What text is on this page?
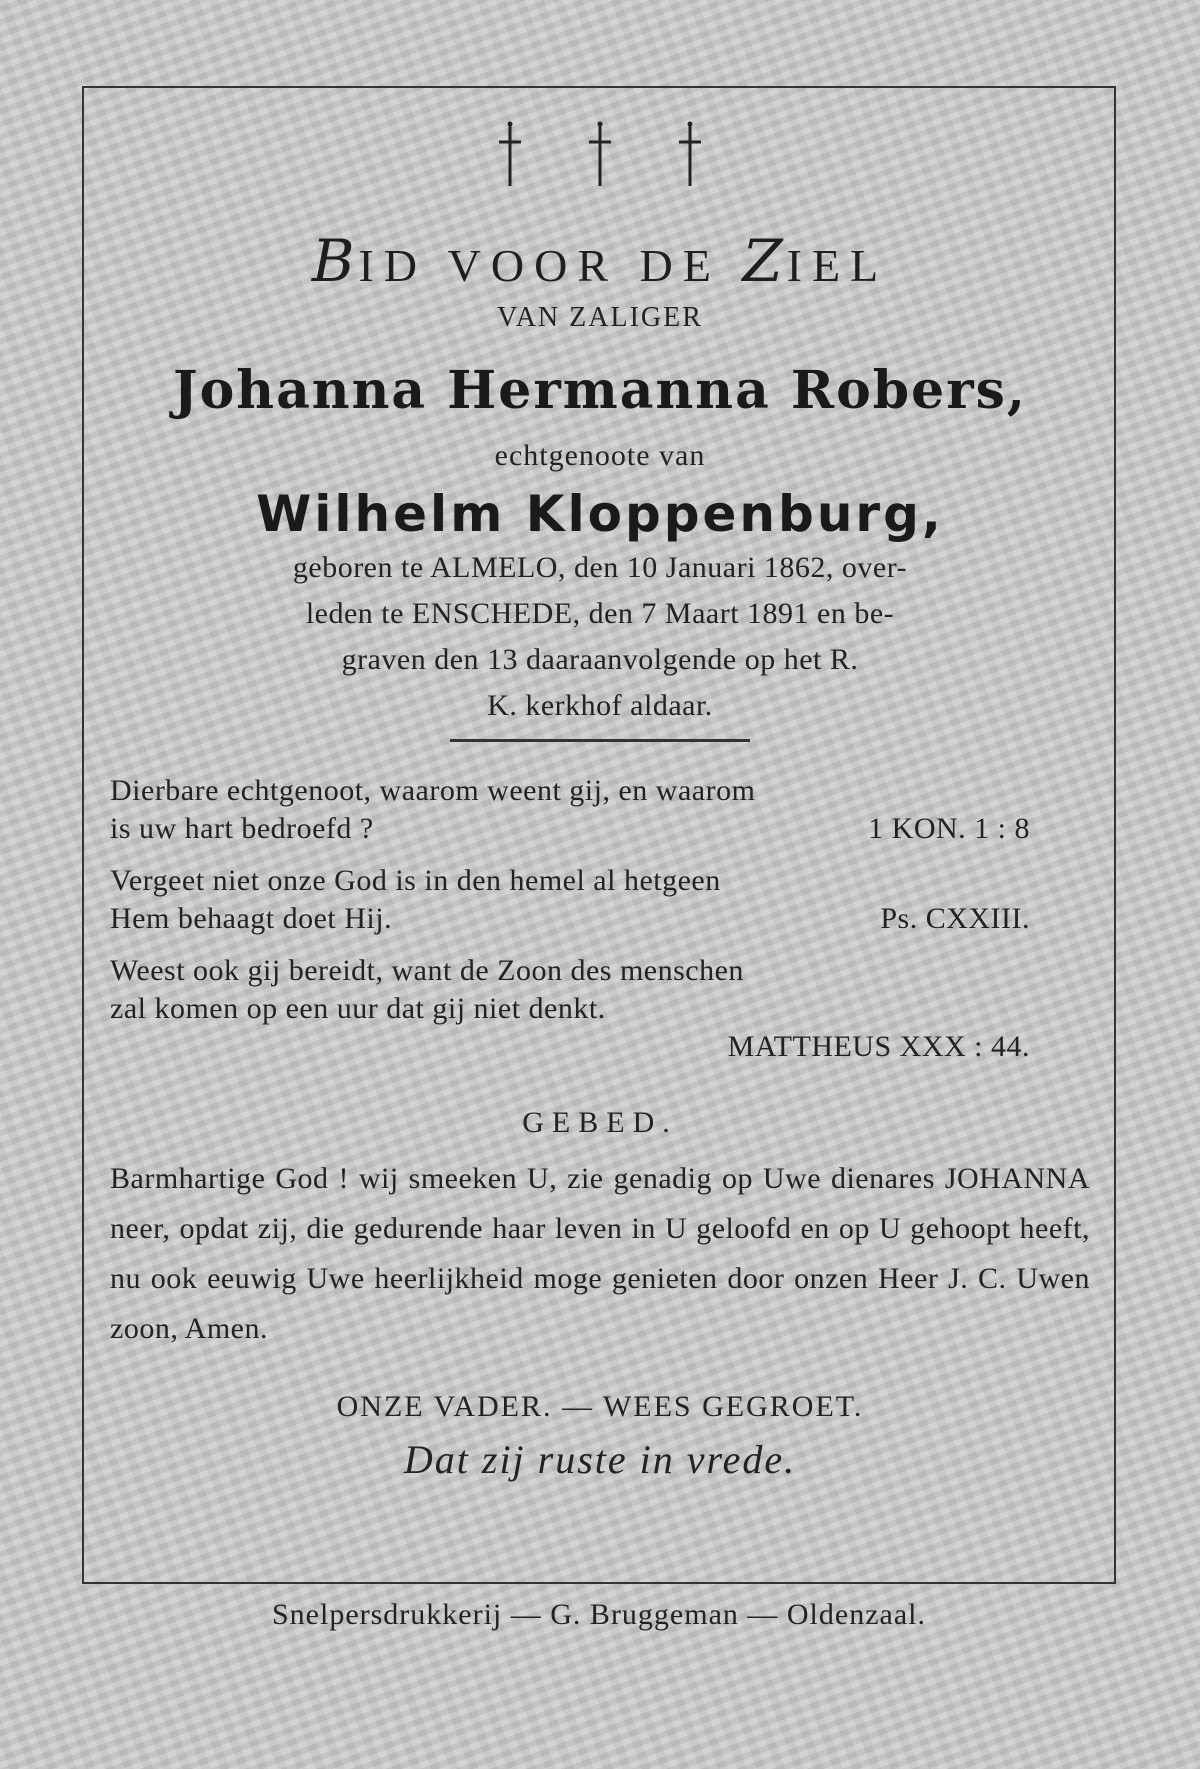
BID VOOR DE ZIEL
VAN ZALIGER
Johanna Hermanna Robers,
echtgenoote van
Wilhelm Kloppenburg,
geboren te ALMELO, den 10 Januari 1862, over-
leden te ENSCHEDE, den 7 Maart 1891 en be-
graven den 13 daaraanvolgende op het R.
K. kerkhof aldaar.
Dierbare echtgenoot, waarom weent gij, en waarom
is uw hart bedroefd ?	1 KON. 1 : 8
Vergeet niet onze God is in den hemel al hetgeen
Hem behaagt doet Hij.	Ps. CXXIII.
Weest ook gij bereidt, want de Zoon des menschen
zal komen op een uur dat gij niet denkt.
MATTHEUS XXX : 44.
GEBED.
Barmhartige God ! wij smeeken U, zie genadig op Uwe dienares JOHANNA neer, opdat zij, die gedurende haar leven in U geloofd en op U gehoopt heeft, nu ook eeuwig Uwe heerlijkheid moge genieten door onzen Heer J. C. Uwen zoon, Amen.
ONZE VADER. — WEES GEGROET.
Dat zij ruste in vrede.
Snelpersdrukkerij — G. Bruggeman — Oldenzaal.
